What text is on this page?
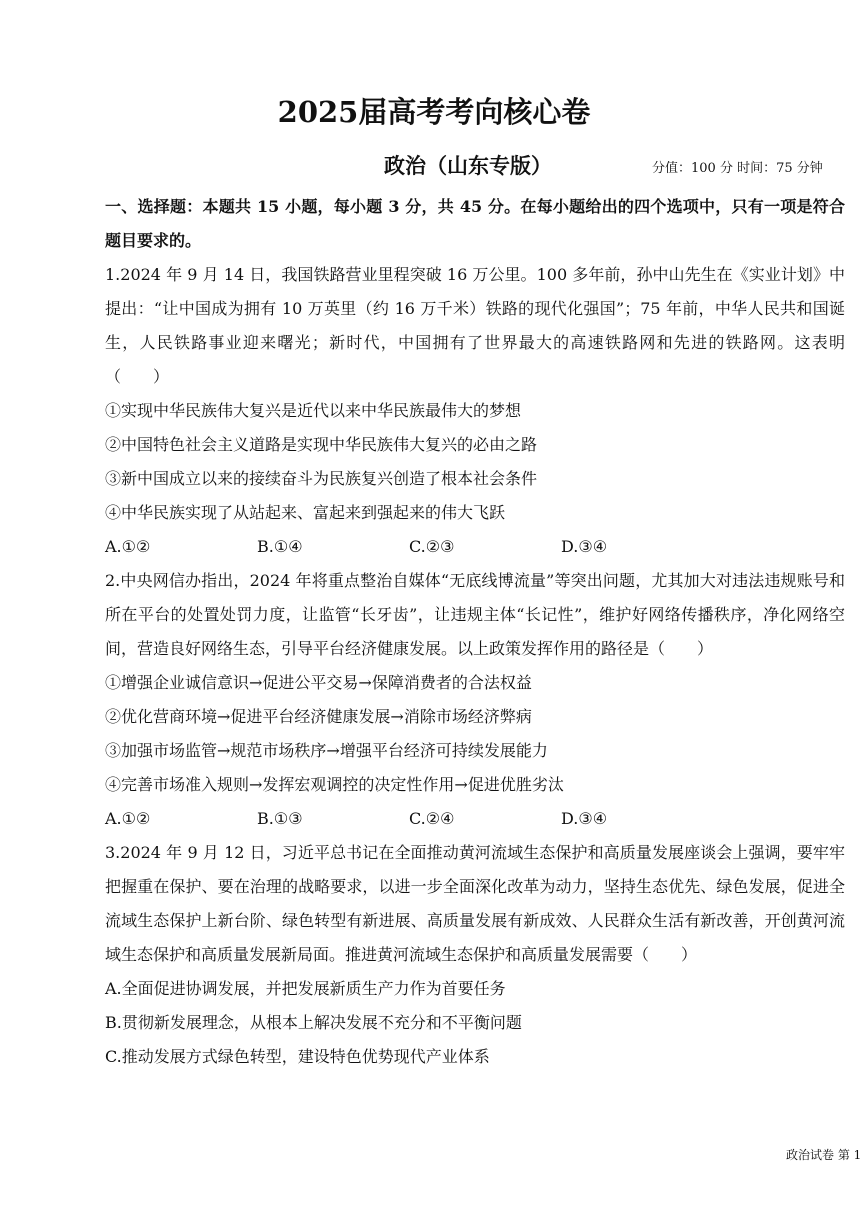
2025届高考考向核心卷
政治（山东专版）	分值：100 分 时间：75 分钟

一、选择题：本题共 15 小题，每小题 3 分，共 45 分。在每小题给出的四个选项中，只有一项是符合题目要求的。

1.2024 年 9 月 14 日，我国铁路营业里程突破 16 万公里。100 多年前，孙中山先生在《实业计划》中提出：“让中国成为拥有 10 万英里（约 16 万千米）铁路的现代化强国”；75 年前，中华人民共和国诞生，人民铁路事业迎来曙光；新时代，中国拥有了世界最大的高速铁路网和先进的铁路网。这表明（　　）

①实现中华民族伟大复兴是近代以来中华民族最伟大的梦想

②中国特色社会主义道路是实现中华民族伟大复兴的必由之路

③新中国成立以来的接续奋斗为民族复兴创造了根本社会条件

④中华民族实现了从站起来、富起来到强起来的伟大飞跃

A.①②	B.①④	C.②③	D.③④

2.中央网信办指出，2024 年将重点整治自媒体“无底线博流量”等突出问题，尤其加大对违法违规账号和所在平台的处置处罚力度，让监管“长牙齿”，让违规主体“长记性”，维护好网络传播秩序，净化网络空间，营造良好网络生态，引导平台经济健康发展。以上政策发挥作用的路径是（　　）

①增强企业诚信意识→促进公平交易→保障消费者的合法权益

②优化营商环境→促进平台经济健康发展→消除市场经济弊病

③加强市场监管→规范市场秩序→增强平台经济可持续发展能力

④完善市场准入规则→发挥宏观调控的决定性作用→促进优胜劣汰

A.①②	B.①③	C.②④	D.③④

3.2024 年 9 月 12 日，习近平总书记在全面推动黄河流域生态保护和高质量发展座谈会上强调，要牢牢把握重在保护、要在治理的战略要求，以进一步全面深化改革为动力，坚持生态优先、绿色发展，促进全流域生态保护上新台阶、绿色转型有新进展、高质量发展有新成效、人民群众生活有新改善，开创黄河流域生态保护和高质量发展新局面。推进黄河流域生态保护和高质量发展需要（　　）

A.全面促进协调发展，并把发展新质生产力作为首要任务

B.贯彻新发展理念，从根本上解决发展不充分和不平衡问题

C.推动发展方式绿色转型，建设特色优势现代产业体系

政治试卷 第 1
